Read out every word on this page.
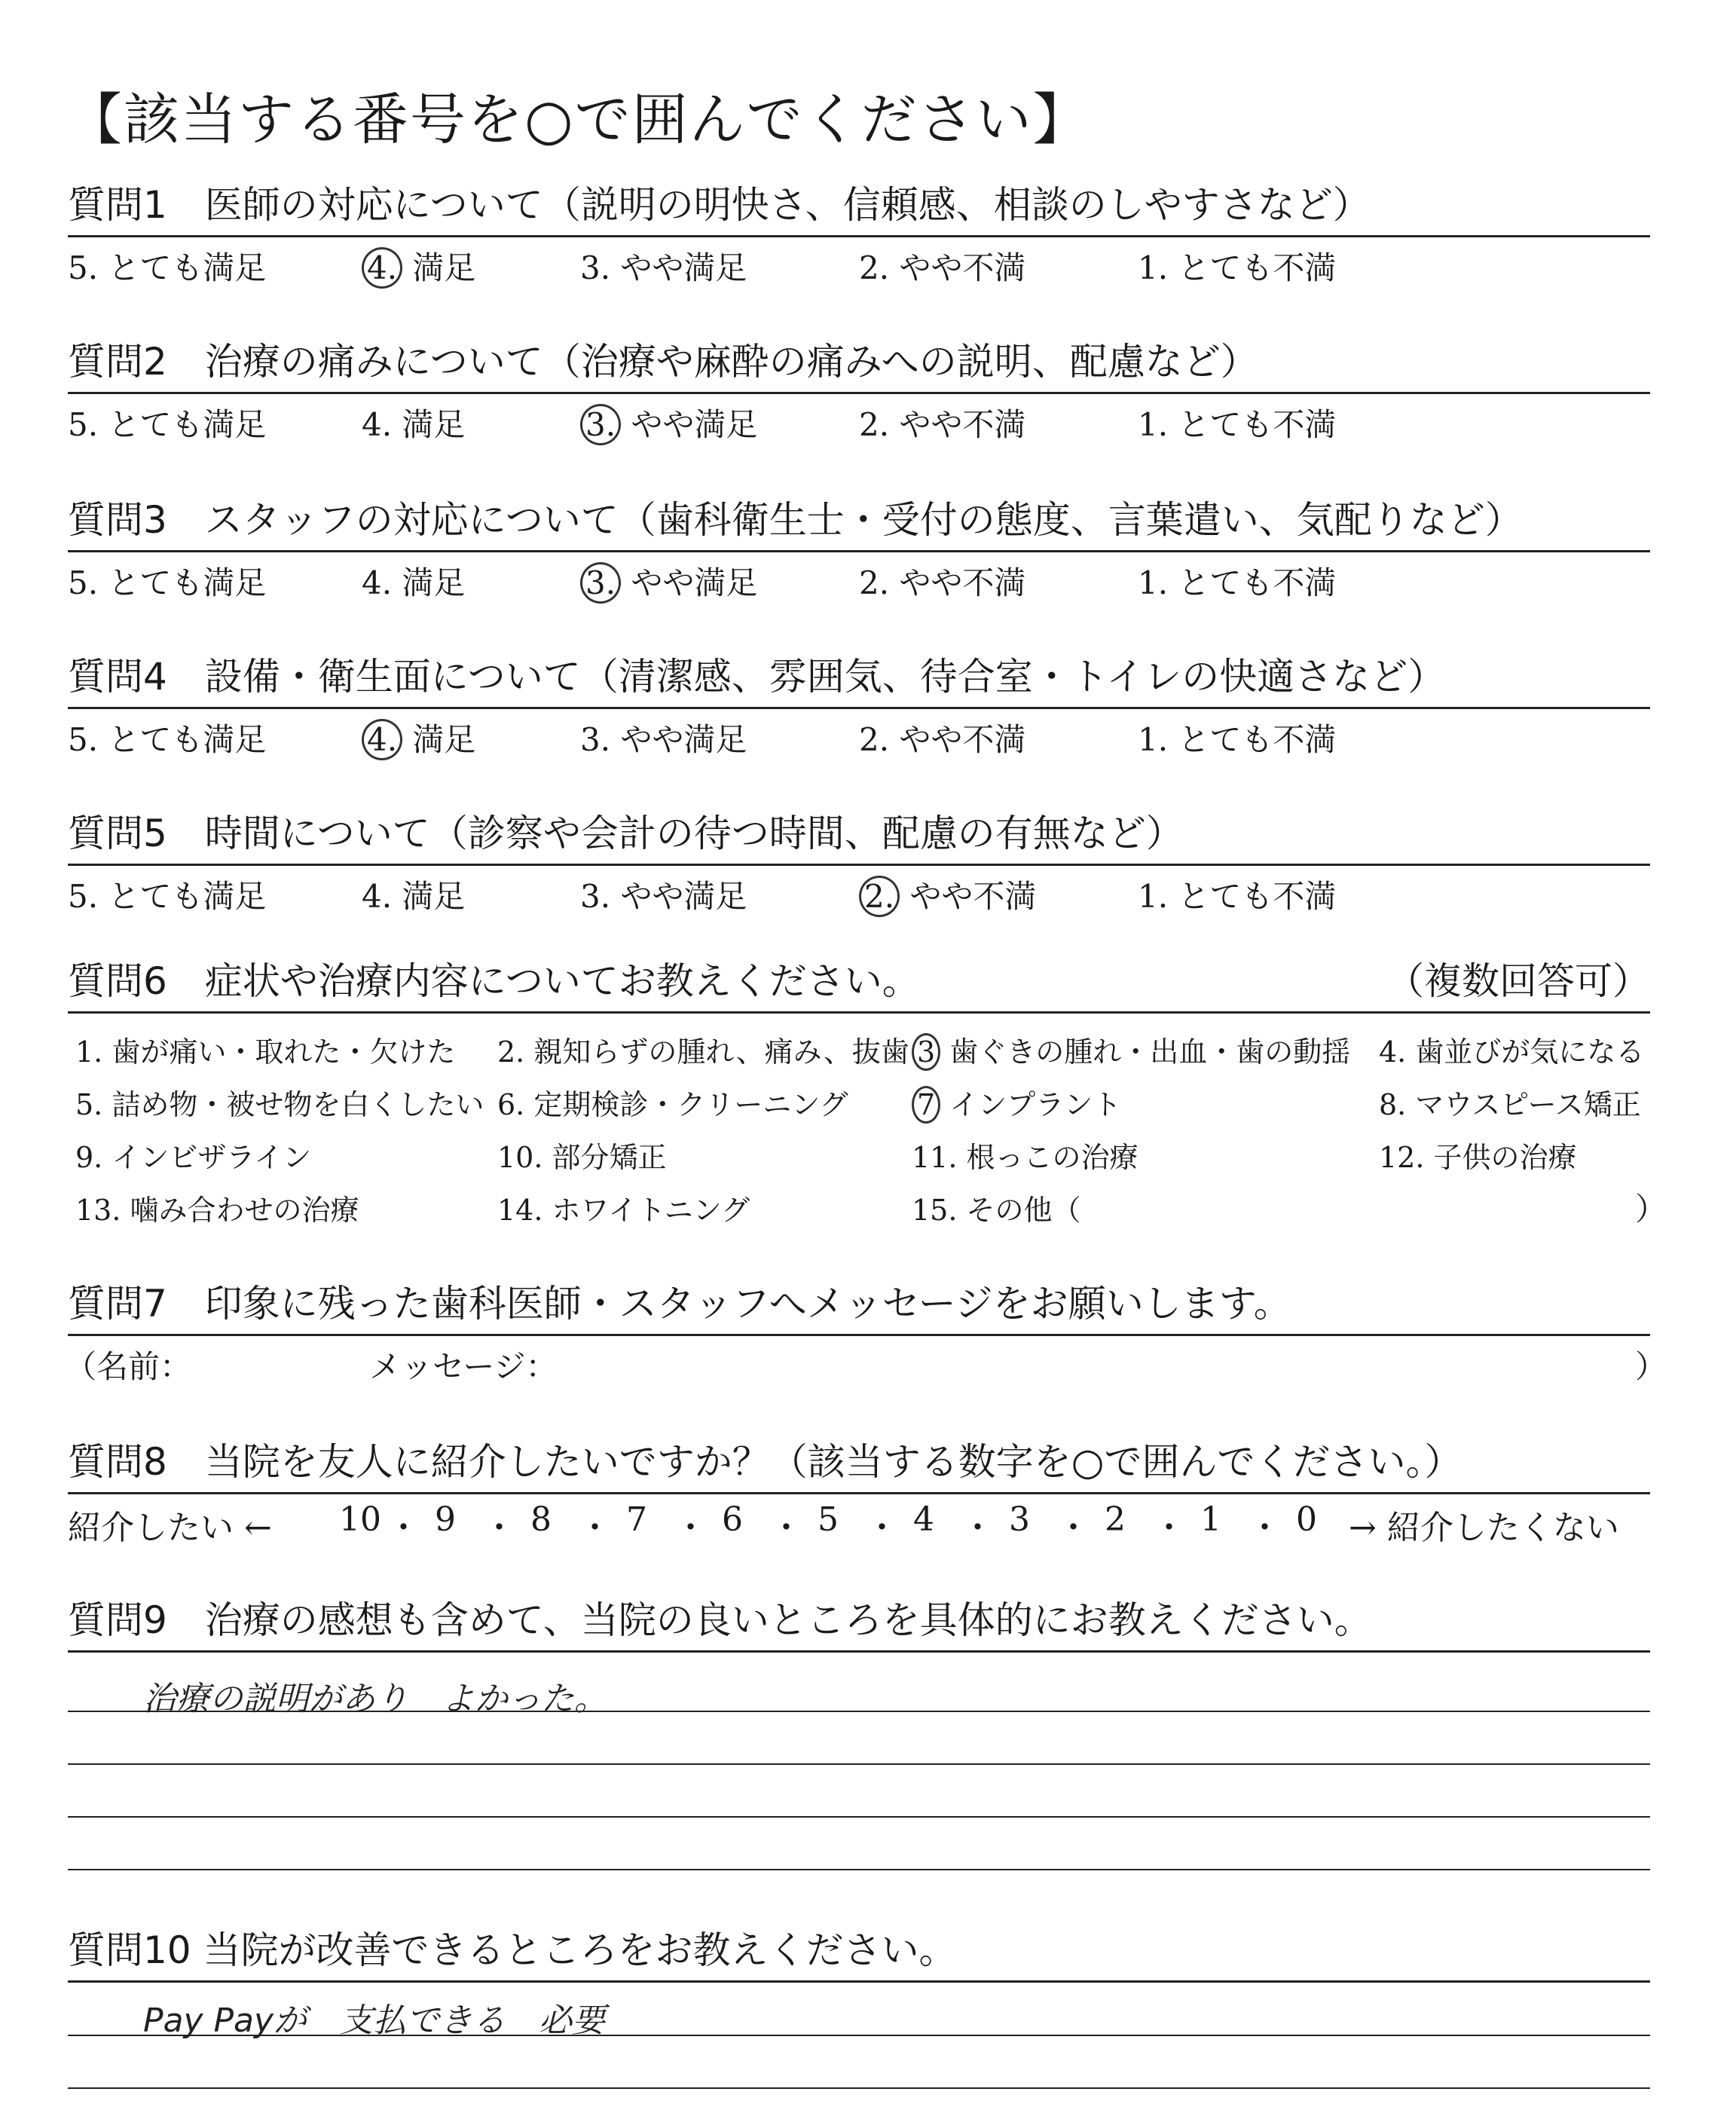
【該当する番号を○で囲んでください】
質問1　医師の対応について（説明の明快さ、信頼感、相談のしやすさなど）
5. とても満足	4. 満足	3. やや満足	2. やや不満	1. とても不満
質問2　治療の痛みについて（治療や麻酔の痛みへの説明、配慮など）
5. とても満足	4. 満足	3. やや満足	2. やや不満	1. とても不満
質問3　スタッフの対応について（歯科衛生士・受付の態度、言葉遣い、気配りなど）
5. とても満足	4. 満足	3. やや満足	2. やや不満	1. とても不満
質問4　設備・衛生面について（清潔感、雰囲気、待合室・トイレの快適さなど）
5. とても満足	4. 満足	3. やや満足	2. やや不満	1. とても不満
質問5　時間について（診察や会計の待つ時間、配慮の有無など）
5. とても満足	4. 満足	3. やや満足	2. やや不満	1. とても不満
質問6　症状や治療内容についてお教えください。	（複数回答可）
1. 歯が痛い・取れた・欠けた 2. 親知らずの腫れ、痛み、抜歯 3 歯ぐきの腫れ・出血・歯の動揺 4. 歯並びが気になる
5. 詰め物・被せ物を白くしたい 6. 定期検診・クリーニング 7 インプラント	8. マウスピース矯正
9. インビザライン	10. 部分矯正	11. 根っこの治療	12. 子供の治療
13. 噛み合わせの治療	14. ホワイトニング	15. その他（	）
質問7　印象に残った歯科医師・スタッフへメッセージをお願いします。
（名前：	メッセージ：	）
質問8　当院を友人に紹介したいですか？（該当する数字を○で囲んでください。）
紹介したい ←	→ 紹介したくない
10 ・ 9 ・ 8 ・ 7 ・ 6 ・ 5 ・ 4 ・ 3 ・ 2 ・ 1 ・ 0
質問9　治療の感想も含めて、当院の良いところを具体的にお教えください。
治療の説明があり　よかった。
質問10 当院が改善できるところをお教えください。
Pay Payが　支払できる　必要
